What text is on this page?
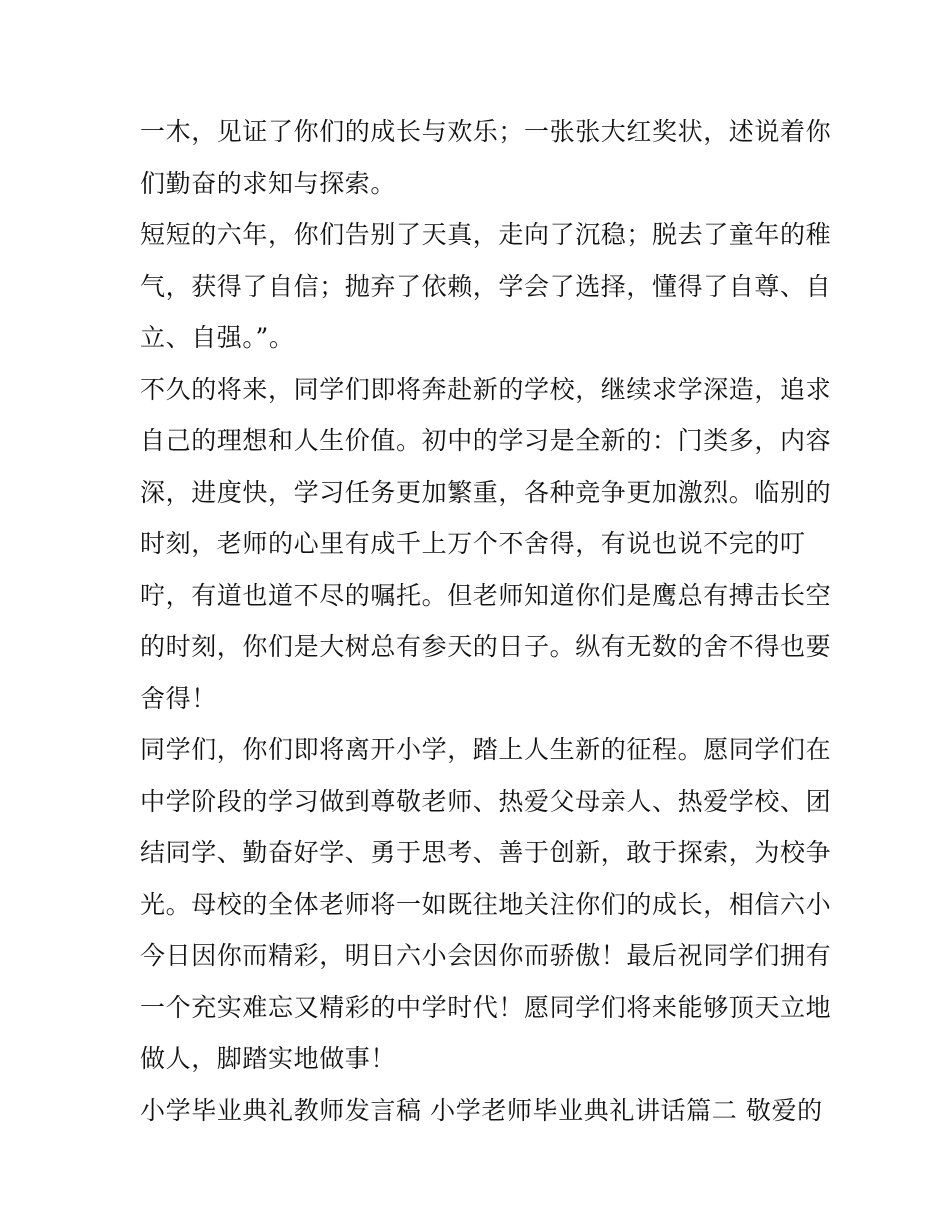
一木，见证了你们的成长与欢乐；一张张大红奖状，述说着你
们勤奋的求知与探索。
短短的六年，你们告别了天真，走向了沉稳；脱去了童年的稚
气，获得了自信；抛弃了依赖，学会了选择，懂得了自尊、自
立、自强。”。
不久的将来，同学们即将奔赴新的学校，继续求学深造，追求
自己的理想和人生价值。初中的学习是全新的：门类多，内容
深，进度快，学习任务更加繁重，各种竞争更加激烈。临别的
时刻，老师的心里有成千上万个不舍得，有说也说不完的叮
咛，有道也道不尽的嘱托。但老师知道你们是鹰总有搏击长空
的时刻，你们是大树总有参天的日子。纵有无数的舍不得也要
舍得！
同学们，你们即将离开小学，踏上人生新的征程。愿同学们在
中学阶段的学习做到尊敬老师、热爱父母亲人、热爱学校、团
结同学、勤奋好学、勇于思考、善于创新，敢于探索，为校争
光。母校的全体老师将一如既往地关注你们的成长，相信六小
今日因你而精彩，明日六小会因你而骄傲！最后祝同学们拥有
一个充实难忘又精彩的中学时代！愿同学们将来能够顶天立地
做人，脚踏实地做事！
小学毕业典礼教师发言稿 小学老师毕业典礼讲话篇二 敬爱的
